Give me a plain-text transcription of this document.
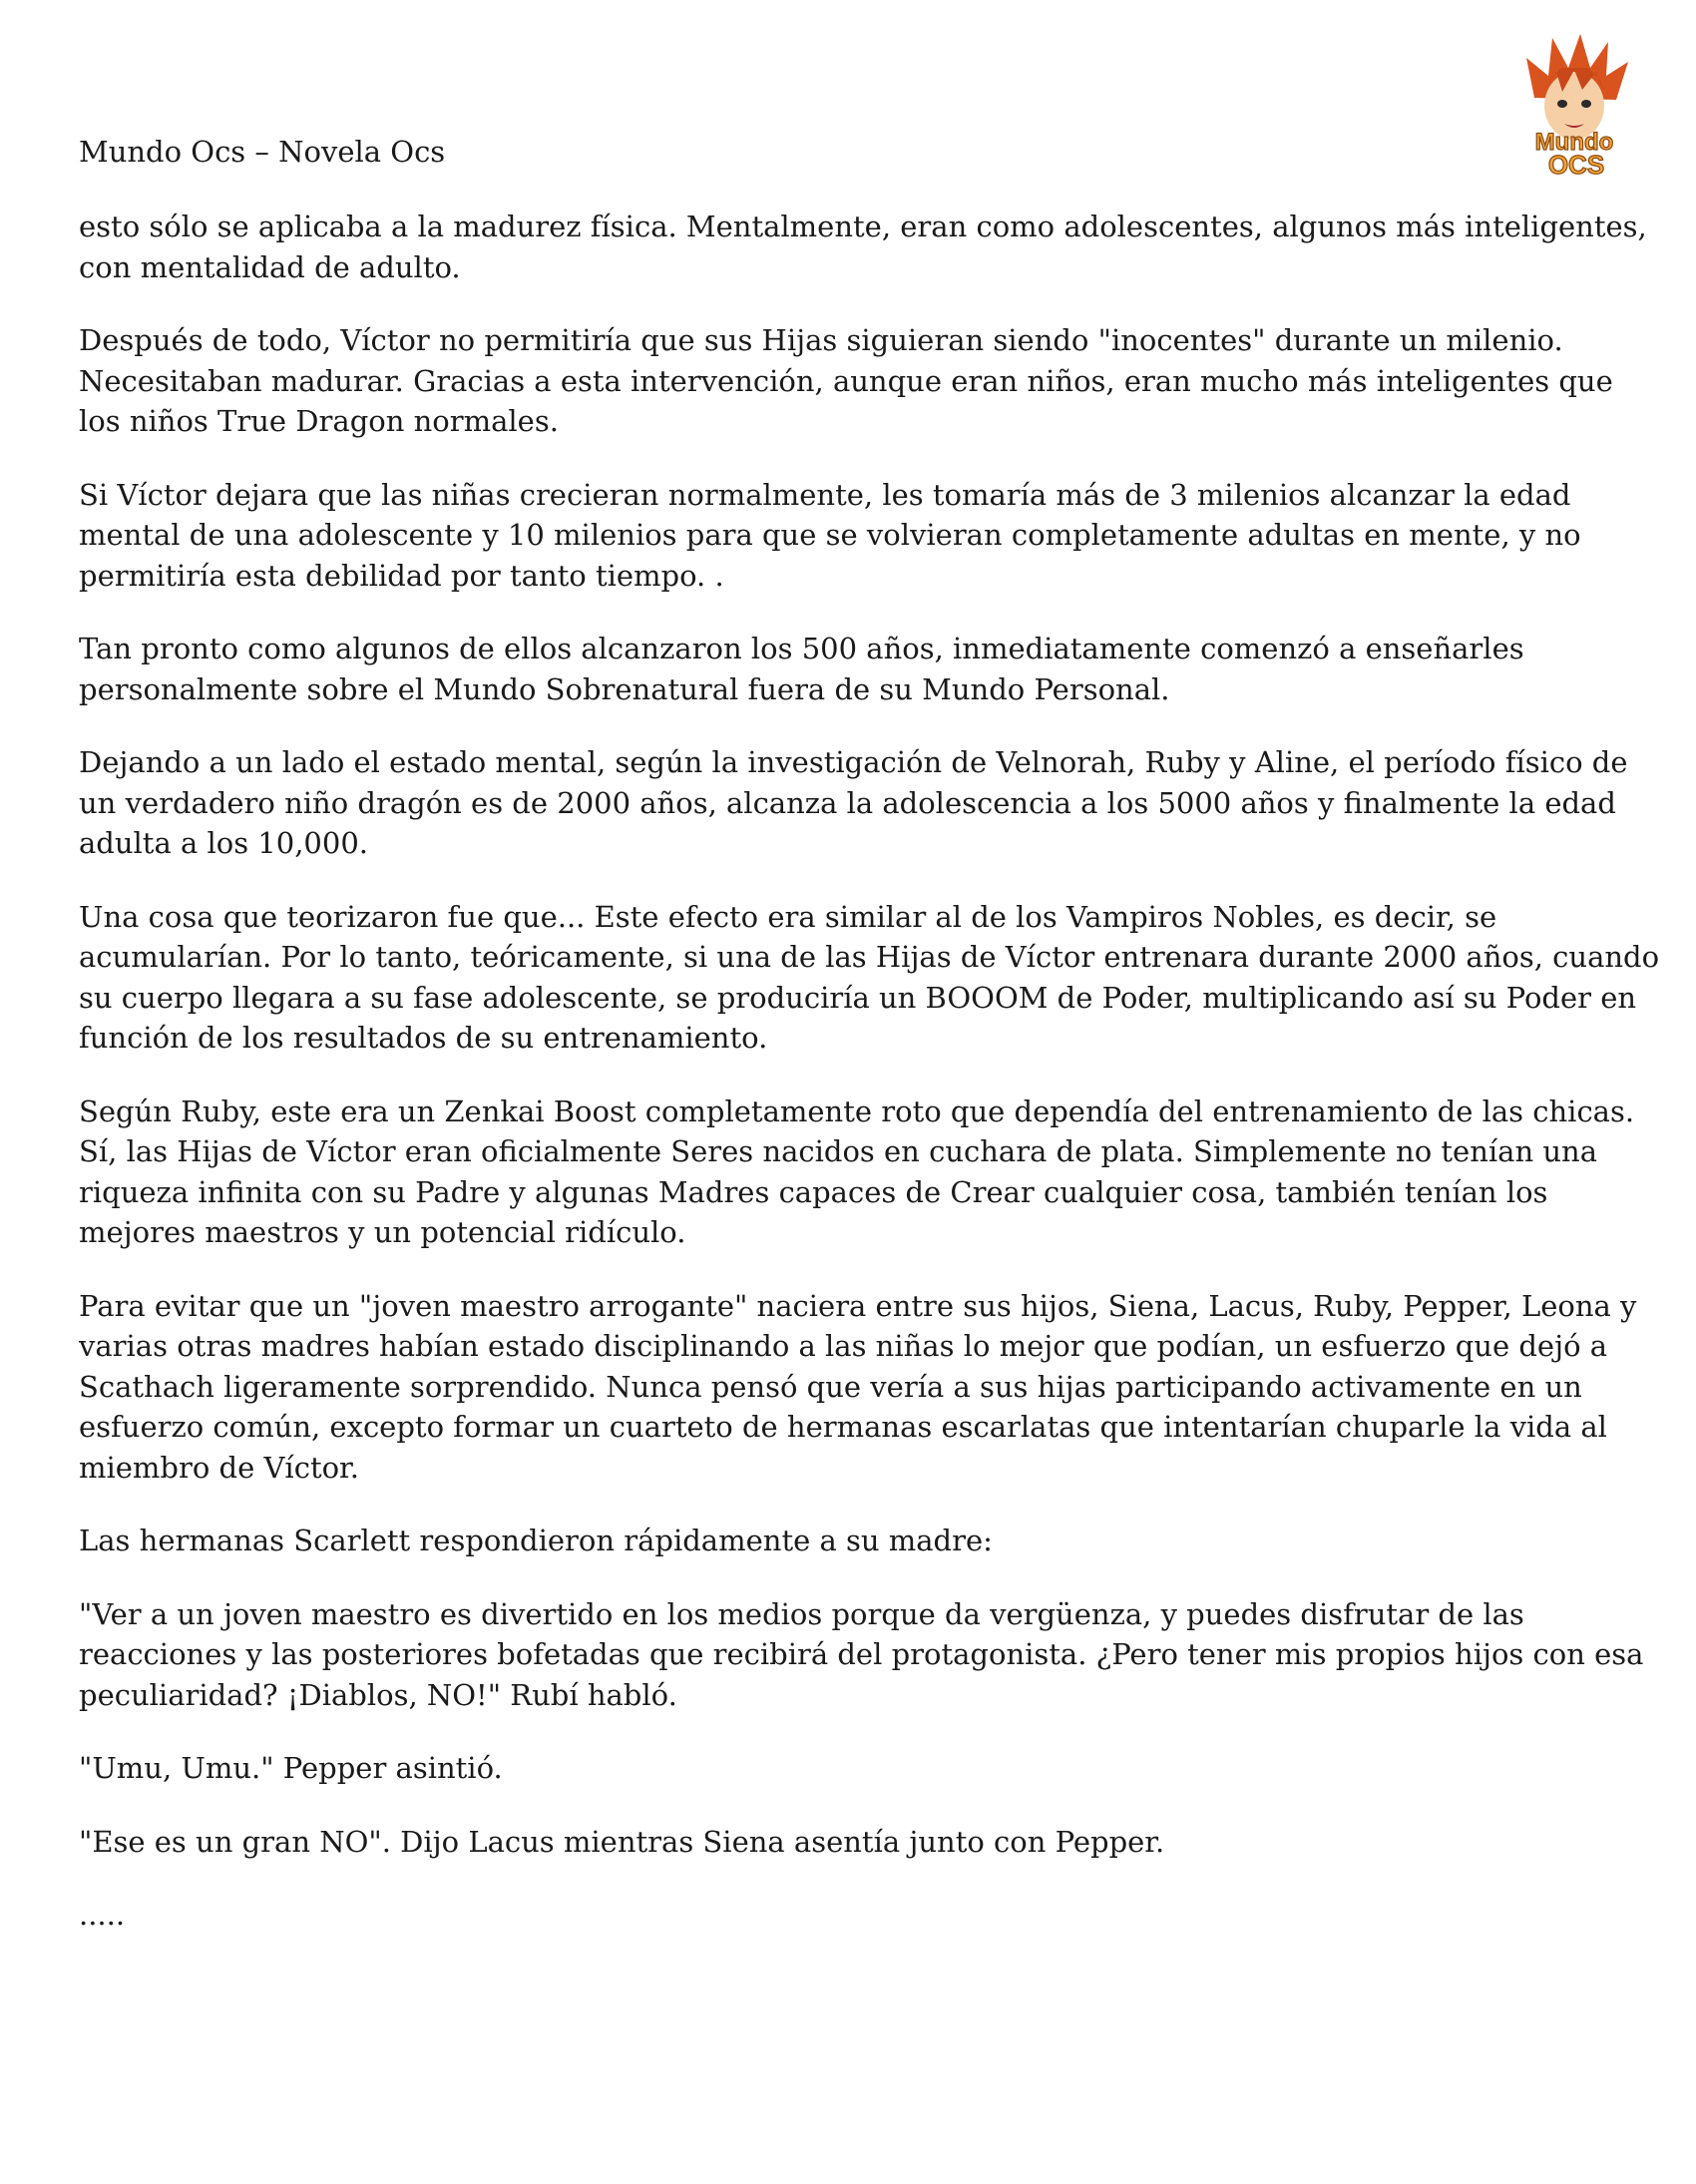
Mundo Ocs – Novela Ocs	Mundo
OCS

esto sólo se aplicaba a la madurez física. Mentalmente, eran como adolescentes, algunos más inteligentes, con mentalidad de adulto.

Después de todo, Víctor no permitiría que sus Hijas siguieran siendo "inocentes" durante un milenio. Necesitaban madurar. Gracias a esta intervención, aunque eran niños, eran mucho más inteligentes que los niños True Dragon normales.

Si Víctor dejara que las niñas crecieran normalmente, les tomaría más de 3 milenios alcanzar la edad mental de una adolescente y 10 milenios para que se volvieran completamente adultas en mente, y no permitiría esta debilidad por tanto tiempo. .

Tan pronto como algunos de ellos alcanzaron los 500 años, inmediatamente comenzó a enseñarles personalmente sobre el Mundo Sobrenatural fuera de su Mundo Personal.

Dejando a un lado el estado mental, según la investigación de Velnorah, Ruby y Aline, el período físico de un verdadero niño dragón es de 2000 años, alcanza la adolescencia a los 5000 años y finalmente la edad adulta a los 10,000.

Una cosa que teorizaron fue que... Este efecto era similar al de los Vampiros Nobles, es decir, se acumularían. Por lo tanto, teóricamente, si una de las Hijas de Víctor entrenara durante 2000 años, cuando su cuerpo llegara a su fase adolescente, se produciría un BOOOM de Poder, multiplicando así su Poder en función de los resultados de su entrenamiento.

Según Ruby, este era un Zenkai Boost completamente roto que dependía del entrenamiento de las chicas. Sí, las Hijas de Víctor eran oficialmente Seres nacidos en cuchara de plata. Simplemente no tenían una riqueza infinita con su Padre y algunas Madres capaces de Crear cualquier cosa, también tenían los mejores maestros y un potencial ridículo.

Para evitar que un "joven maestro arrogante" naciera entre sus hijos, Siena, Lacus, Ruby, Pepper, Leona y varias otras madres habían estado disciplinando a las niñas lo mejor que podían, un esfuerzo que dejó a Scathach ligeramente sorprendido. Nunca pensó que vería a sus hijas participando activamente en un esfuerzo común, excepto formar un cuarteto de hermanas escarlatas que intentarían chuparle la vida al miembro de Víctor.

Las hermanas Scarlett respondieron rápidamente a su madre:

"Ver a un joven maestro es divertido en los medios porque da vergüenza, y puedes disfrutar de las reacciones y las posteriores bofetadas que recibirá del protagonista. ¿Pero tener mis propios hijos con esa peculiaridad? ¡Diablos, NO!" Rubí habló.

"Umu, Umu." Pepper asintió.

"Ese es un gran NO". Dijo Lacus mientras Siena asentía junto con Pepper.

.....
